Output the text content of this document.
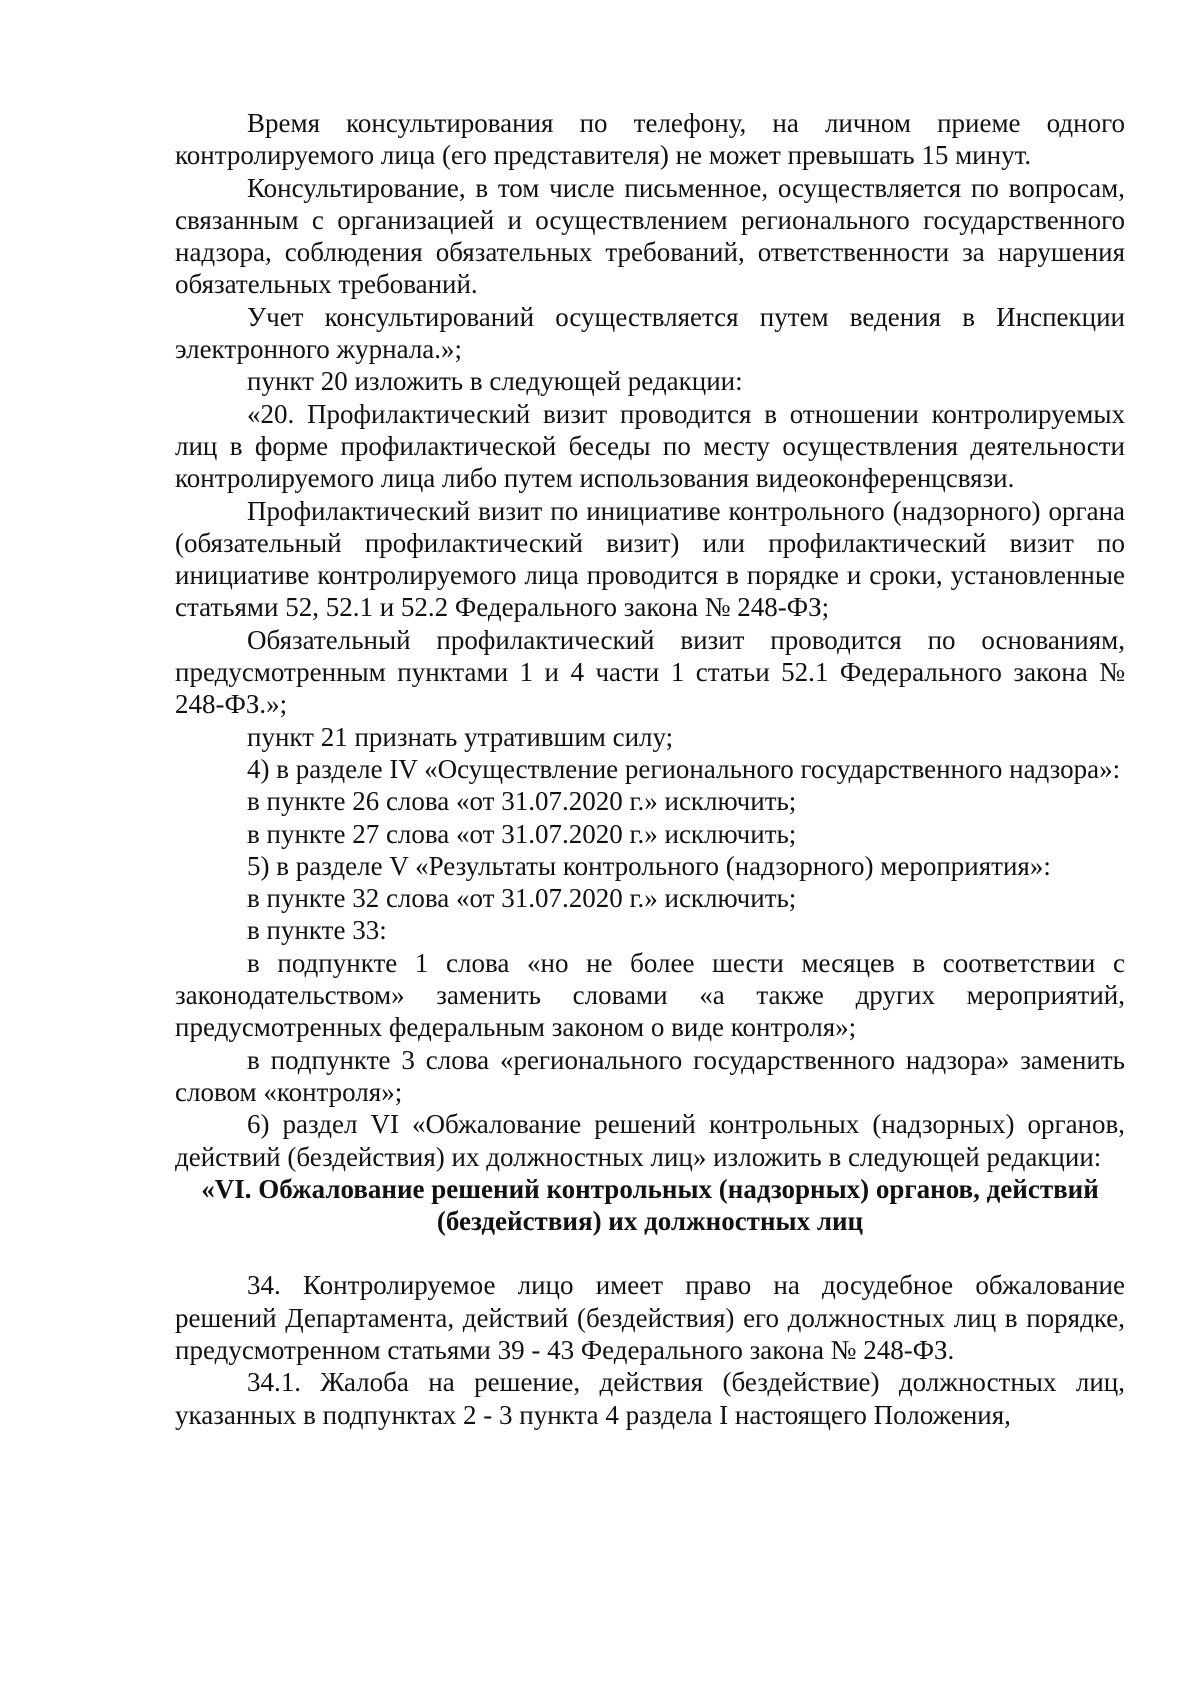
Время консультирования по телефону, на личном приеме одного контролируемого лица (его представителя) не может превышать 15 минут.

Консультирование, в том числе письменное, осуществляется по вопросам, связанным с организацией и осуществлением регионального государственного надзора, соблюдения обязательных требований, ответственности за нарушения обязательных требований.

Учет консультирований осуществляется путем ведения в Инспекции электронного журнала.»;

пункт 20 изложить в следующей редакции:

«20. Профилактический визит проводится в отношении контролируемых лиц в форме профилактической беседы по месту осуществления деятельности контролируемого лица либо путем использования видеоконференцсвязи.

Профилактический визит по инициативе контрольного (надзорного) органа (обязательный профилактический визит) или профилактический визит по инициативе контролируемого лица проводится в порядке и сроки, установленные статьями 52, 52.1 и 52.2 Федерального закона № 248-ФЗ;

Обязательный профилактический визит проводится по основаниям, предусмотренным пунктами 1 и 4 части 1 статьи 52.1 Федерального закона № 248-ФЗ.»;

пункт 21 признать утратившим силу;

4) в разделе IV «Осуществление регионального государственного надзора»:

в пункте 26 слова «от 31.07.2020 г.» исключить;

в пункте 27 слова «от 31.07.2020 г.» исключить;

5) в разделе V «Результаты контрольного (надзорного) мероприятия»:

в пункте 32 слова «от 31.07.2020 г.» исключить;

в пункте 33:

в подпункте 1 слова «но не более шести месяцев в соответствии с законодательством» заменить словами «а также других мероприятий, предусмотренных федеральным законом о виде контроля»;

в подпункте 3 слова «регионального государственного надзора» заменить словом «контроля»;

6) раздел VI «Обжалование решений контрольных (надзорных) органов, действий (бездействия) их должностных лиц» изложить в следующей редакции:

«VI. Обжалование решений контрольных (надзорных) органов, действий
(бездействия) их должностных лиц

34. Контролируемое лицо имеет право на досудебное обжалование решений Департамента, действий (бездействия) его должностных лиц в порядке, предусмотренном статьями 39 - 43 Федерального закона № 248-ФЗ.

34.1. Жалоба на решение, действия (бездействие) должностных лиц, указанных в подпунктах 2 - 3 пункта 4 раздела I настоящего Положения,
